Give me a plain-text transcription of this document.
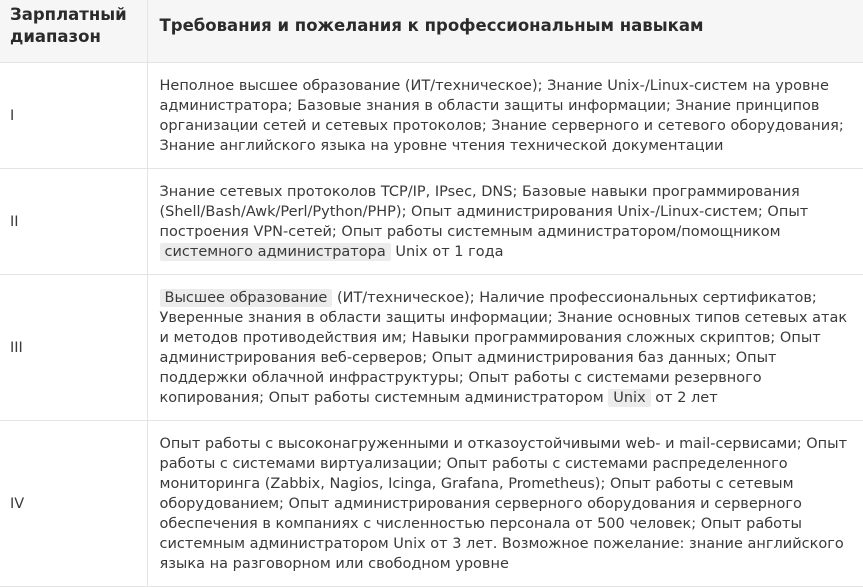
Зарплатный диапазон	Требования и пожелания к профессиональным навыкам
I	Неполное высшее образование (ИТ/техническое); Знание Unix-/Linux-систем на уровне администратора; Базовые знания в области защиты информации; Знание принципов организации сетей и сетевых протоколов; Знание серверного и сетевого оборудования; Знание английского языка на уровне чтения технической документации
II	Знание сетевых протоколов TCP/IP, IPsec, DNS; Базовые навыки программирования (Shell/Bash/Awk/Perl/Python/PHP); Опыт администрирования Unix-/Linux-систем; Опыт построения VPN-сетей; Опыт работы системным администратором/помощником системного администратора Unix от 1 года
III	Высшее образование (ИТ/техническое); Наличие профессиональных сертификатов; Уверенные знания в области защиты информации; Знание основных типов сетевых атак и методов противодействия им; Навыки программирования сложных скриптов; Опыт администрирования веб-серверов; Опыт администрирования баз данных; Опыт поддержки облачной инфраструктуры; Опыт работы с системами резервного копирования; Опыт работы системным администратором Unix от 2 лет
IV	Опыт работы с высоконагруженными и отказоустойчивыми web- и mail-сервисами; Опыт работы с системами виртуализации; Опыт работы с системами распределенного мониторинга (Zabbix, Nagios, Icinga, Grafana, Prometheus); Опыт работы с сетевым оборудованием; Опыт администрирования серверного оборудования и серверного обеспечения в компаниях с численностью персонала от 500 человек; Опыт работы системным администратором Unix от 3 лет. Возможное пожелание: знание английского языка на разговорном или свободном уровне
